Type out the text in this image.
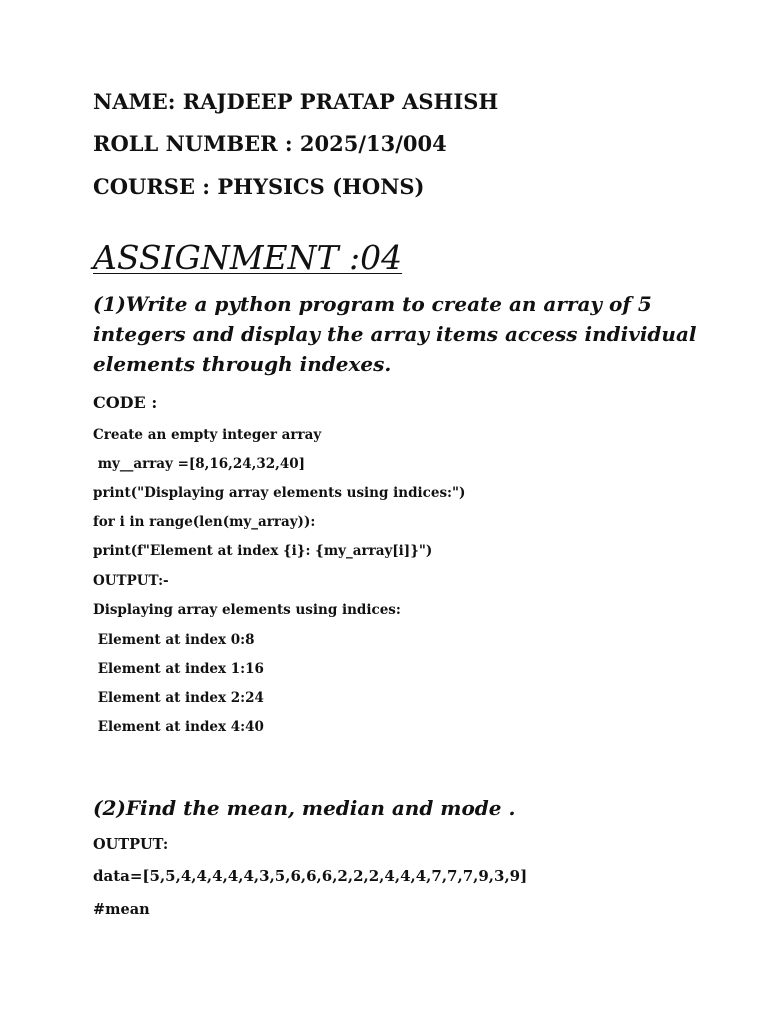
NAME: RAJDEEP PRATAP ASHISH

ROLL NUMBER : 2025/13/004

COURSE : PHYSICS (HONS)

ASSIGNMENT :04

(1)Write a python program to create an array of 5

integers and display the array items access individual

elements through indexes.

CODE :

Create an empty integer array

my__array =[8,16,24,32,40]

print("Displaying array elements using indices:")

for i in range(len(my_array)):

print(f"Element at index {i}: {my_array[i]}")

OUTPUT:-

Displaying array elements using indices:

Element at index 0:8

Element at index 1:16

Element at index 2:24

Element at index 4:40

(2)Find the mean, median and mode .

OUTPUT:

data=[5,5,4,4,4,4,4,3,5,6,6,6,2,2,2,4,4,4,7,7,7,9,3,9]

#mean
